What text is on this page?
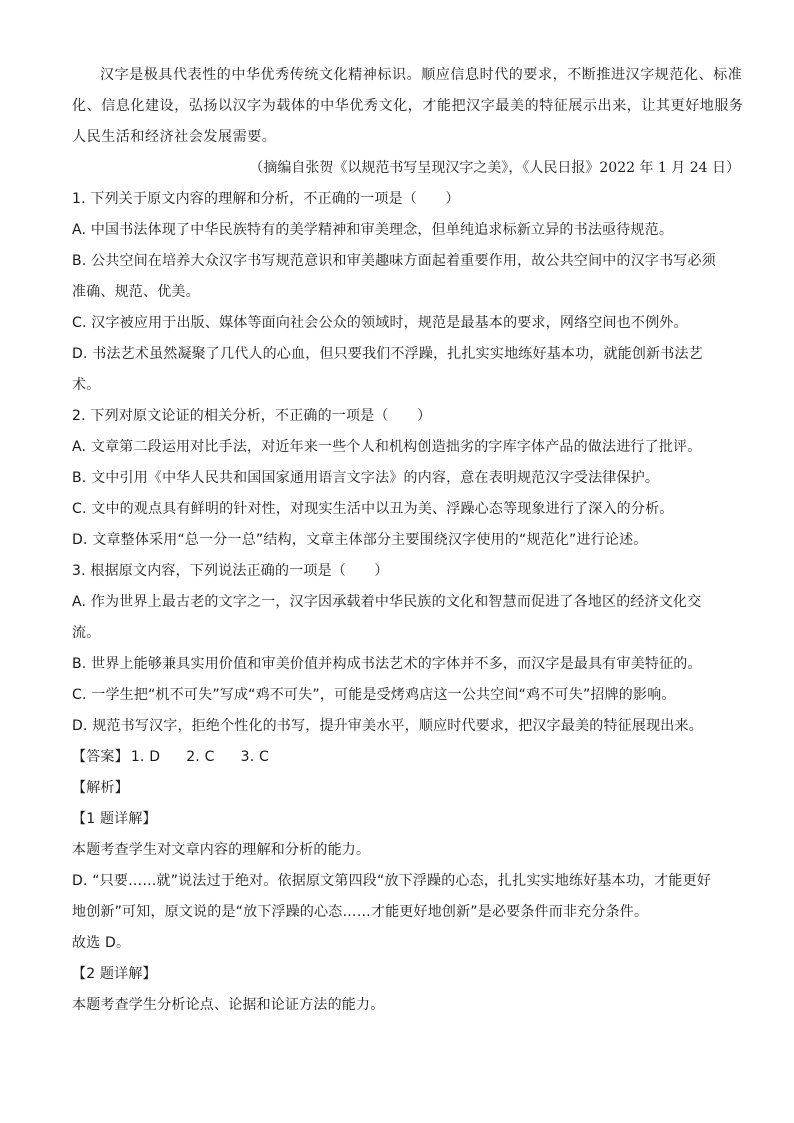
汉字是极具代表性的中华优秀传统文化精神标识。顺应信息时代的要求，不断推进汉字规范化、标准
化、信息化建设，弘扬以汉字为载体的中华优秀文化，才能把汉字最美的特征展示出来，让其更好地服务
人民生活和经济社会发展需要。
（摘编自张贺《以规范书写呈现汉字之美》，《人民日报》2022 年 1 月 24 日）
1. 下列关于原文内容的理解和分析，不正确的一项是（　　）
A. 中国书法体现了中华民族特有的美学精神和审美理念，但单纯追求标新立异的书法亟待规范。
B. 公共空间在培养大众汉字书写规范意识和审美趣味方面起着重要作用，故公共空间中的汉字书写必须
准确、规范、优美。
C. 汉字被应用于出版、媒体等面向社会公众的领域时，规范是最基本的要求，网络空间也不例外。
D. 书法艺术虽然凝聚了几代人的心血，但只要我们不浮躁，扎扎实实地练好基本功，就能创新书法艺
术。
2. 下列对原文论证的相关分析，不正确的一项是（　　）
A. 文章第二段运用对比手法，对近年来一些个人和机构创造拙劣的字库字体产品的做法进行了批评。
B. 文中引用《中华人民共和国国家通用语言文字法》的内容，意在表明规范汉字受法律保护。
C. 文中的观点具有鲜明的针对性，对现实生活中以丑为美、浮躁心态等现象进行了深入的分析。
D. 文章整体采用“总一分一总”结构，文章主体部分主要围绕汉字使用的“规范化”进行论述。
3. 根据原文内容，下列说法正确的一项是（　　）
A. 作为世界上最古老的文字之一，汉字因承载着中华民族的文化和智慧而促进了各地区的经济文化交
流。
B. 世界上能够兼具实用价值和审美价值并构成书法艺术的字体并不多，而汉字是最具有审美特征的。
C. 一学生把“机不可失”写成“鸡不可失”，可能是受烤鸡店这一公共空间“鸡不可失”招牌的影响。
D. 规范书写汉字，拒绝个性化的书写，提升审美水平，顺应时代要求，把汉字最美的特征展现出来。
【答案】 1. D 2. C 3. C
【解析】
【1 题详解】
本题考查学生对文章内容的理解和分析的能力。
D. “只要……就”说法过于绝对。依据原文第四段“放下浮躁的心态，扎扎实实地练好基本功，才能更好
地创新”可知，原文说的是“放下浮躁的心态……才能更好地创新”是必要条件而非充分条件。
故选 D。
【2 题详解】
本题考查学生分析论点、论据和论证方法的能力。
